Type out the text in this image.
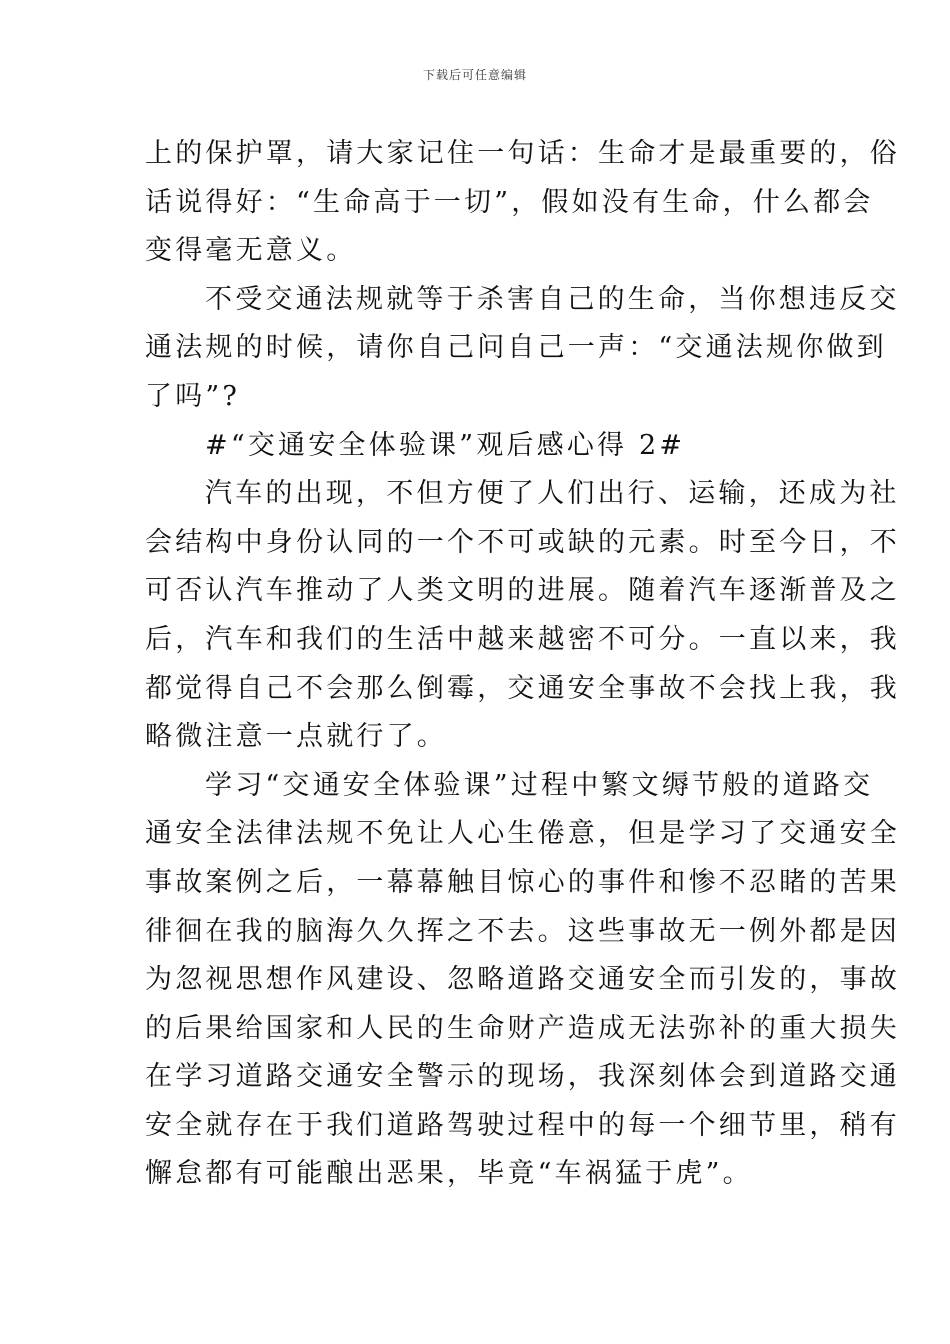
下载后可任意编辑

上的保护罩，请大家记住一句话：生命才是最重要的，俗
话说得好：“生命高于一切”，假如没有生命，什么都会
变得毫无意义。

不受交通法规就等于杀害自己的生命，当你想违反交
通法规的时候，请你自己问自己一声：“交通法规你做到
了吗”?

#“交通安全体验课”观后感心得 2#

汽车的出现，不但方便了人们出行、运输，还成为社
会结构中身份认同的一个不可或缺的元素。时至今日，不
可否认汽车推动了人类文明的进展。随着汽车逐渐普及之
后，汽车和我们的生活中越来越密不可分。一直以来，我
都觉得自己不会那么倒霉，交通安全事故不会找上我，我
略微注意一点就行了。

学习“交通安全体验课”过程中繁文缛节般的道路交
通安全法律法规不免让人心生倦意，但是学习了交通安全
事故案例之后，一幕幕触目惊心的事件和惨不忍睹的苦果
徘徊在我的脑海久久挥之不去。这些事故无一例外都是因
为忽视思想作风建设、忽略道路交通安全而引发的，事故
的后果给国家和人民的生命财产造成无法弥补的重大损失
在学习道路交通安全警示的现场，我深刻体会到道路交通
安全就存在于我们道路驾驶过程中的每一个细节里，稍有
懈怠都有可能酿出恶果，毕竟“车祸猛于虎”。
